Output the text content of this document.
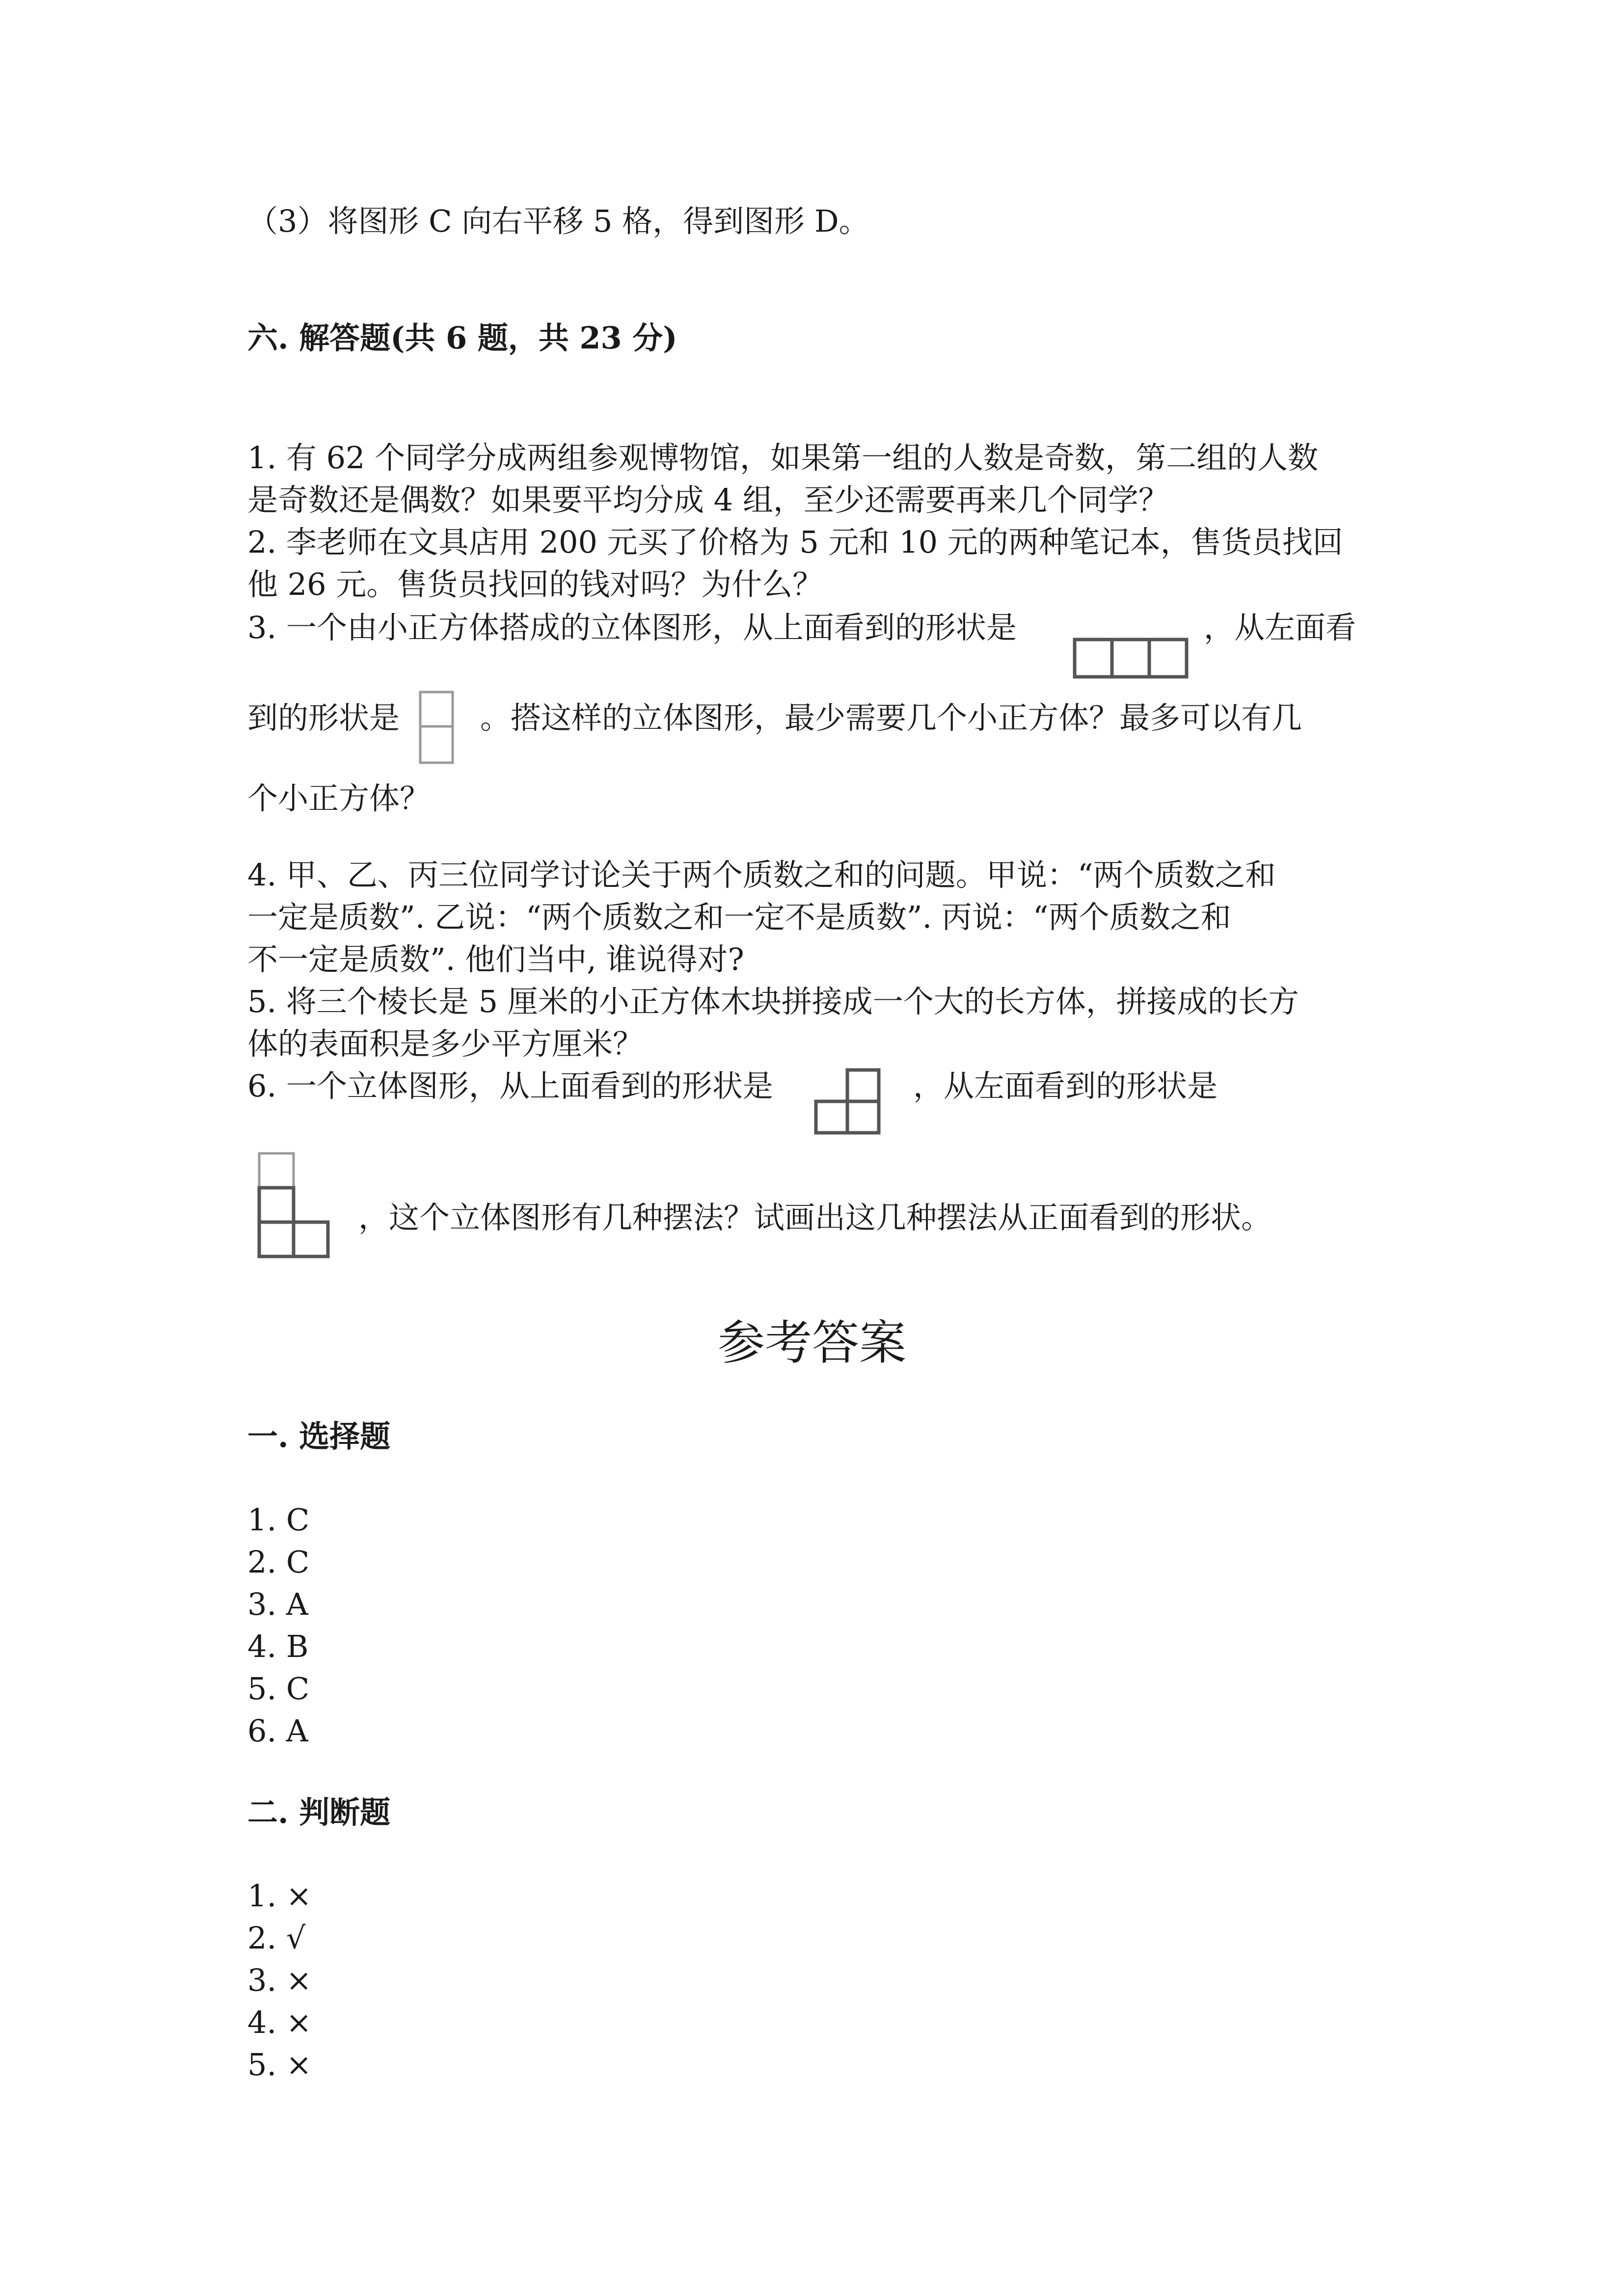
（3）将图形 C 向右平移 5 格，得到图形 D。
六. 解答题(共 6 题，共 23 分)
1. 有 62 个同学分成两组参观博物馆，如果第一组的人数是奇数，第二组的人数
是奇数还是偶数？如果要平均分成 4 组，至少还需要再来几个同学？
2. 李老师在文具店用 200 元买了价格为 5 元和 10 元的两种笔记本，售货员找回
他 26 元。售货员找回的钱对吗？为什么？
3. 一个由小正方体搭成的立体图形，从上面看到的形状是	，从左面看
到的形状是	。搭这样的立体图形，最少需要几个小正方体？最多可以有几
个小正方体？
4. 甲、乙、丙三位同学讨论关于两个质数之和的问题。甲说：“两个质数之和
一定是质数”. 乙说：“两个质数之和一定不是质数”. 丙说：“两个质数之和
不一定是质数”. 他们当中, 谁说得对?
5. 将三个棱长是 5 厘米的小正方体木块拼接成一个大的长方体，拼接成的长方
体的表面积是多少平方厘米？
6. 一个立体图形，从上面看到的形状是	，从左面看到的形状是
，这个立体图形有几种摆法？试画出这几种摆法从正面看到的形状。
参考答案
一. 选择题
1. C
2. C
3. A
4. B
5. C
6. A
二. 判断题
1. ×
2. √
3. ×
4. ×
5. ×
